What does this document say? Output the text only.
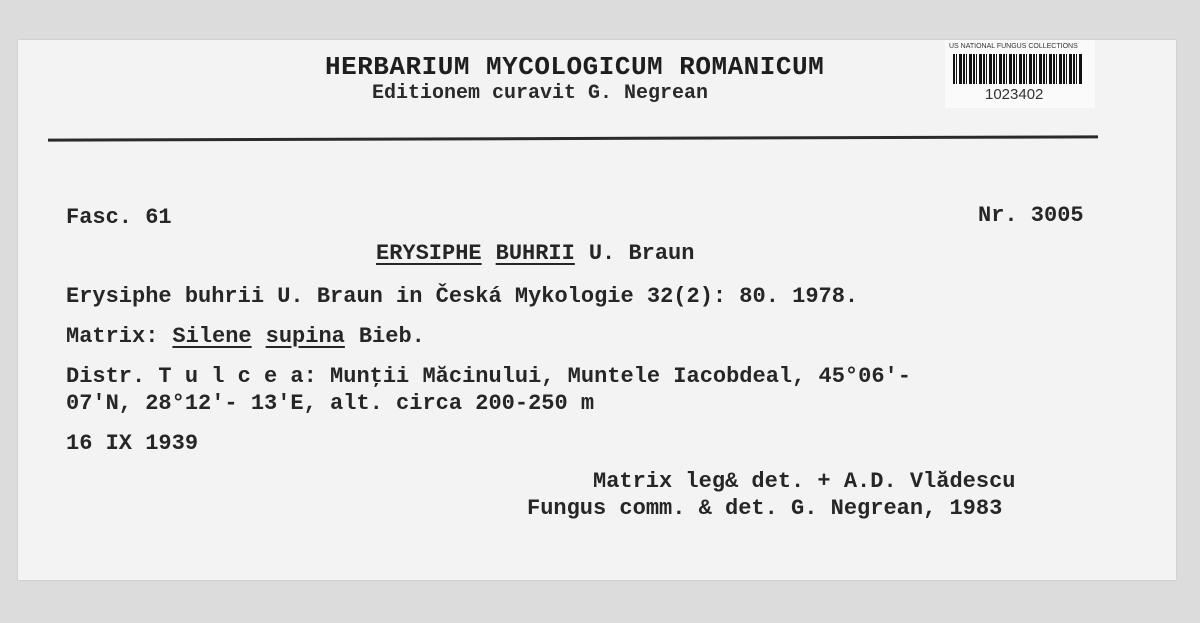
HERBARIUM MYCOLOGICUM ROMANICUM
Editionem curavit G. Negrean
US NATIONAL FUNGUS COLLECTIONS
1023402
Fasc. 61	Nr. 3005
ERYSIPHE BUHRII U. Braun
Erysiphe buhrii U. Braun in Česká Mykologie 32(2): 80. 1978.
Matrix: Silene supina Bieb.
Distr. T u l c e a: Munţii Măcinului, Muntele Iacobdeal, 45°06'-
07'N, 28°12'- 13'E, alt. circa 200-250 m
16 IX 1939
Matrix leg& det. + A.D. Vlădescu
Fungus comm. & det. G. Negrean, 1983
